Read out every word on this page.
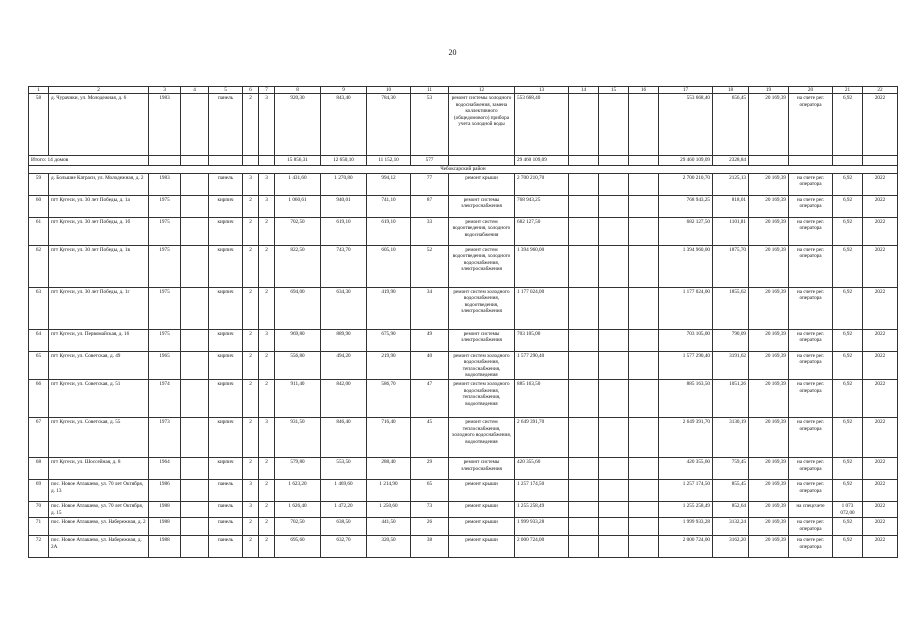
20
1	2	3	4	5	6	7	8	9	10	11	12	13	14	15	16	17	18	19	20	21	22
58	д. Чурачики, ул. Молодежная, д. 6	1983		панель	2	3	920,30	843,40	784,30	53	ремонт системы холодного водоснабжения, замена коллективного (общедомового) прибора учета холодной воды	553 668,40				553 668,40	656,45	20 169,39	на счете рег. оператора	6,92	2022
Итого: 14 домов							15 856,31	12 650,10	11 152,10	577		29 460 109,09				29 460 109,09	2328,84				
Чебоксарский район																					
59	д. Большие Катраси, ул. Молодежная, д. 2	1983		панель	3	3	1 431,60	1 270,80	994,12	77	ремонт крыши	2 700 210,70				2 700 210,70	2125,13	20 169,39	на счете рег. оператора	6,92	2022
60	пгт Кугеси, ул. 30 лет Победы, д. 1а	1975		кирпич	2	3	1 060,61	940,01	741,10	87	ремонт системы электроснабжения	768 943,25				768 943,25	818,01	20 169,39	на счете рег. оператора	6,92	2022
61	пгт Кугеси, ул. 30 лет Победы, д. 1б	1975		кирпич	2	2	702,50	619,10	619,10	33	ремонт систем водоотведения, холодного водоснабжения	682 127,50				682 127,50	1101,81	20 169,39	на счете рег. оператора	6,92	2022
62	пгт Кугеси, ул. 30 лет Победы, д. 1в	1975		кирпич	2	2	822,50	743,70	605,10	52	ремонт систем водоотведения, холодного водоснабжения, электроснабжения	1 394 960,00				1 394 960,00	1875,70	20 169,39	на счете рег. оператора	6,92	2022
63	пгт Кугеси, ул. 30 лет Победы, д. 1г	1975		кирпич	2	2	694,00	634,30	419,90	34	ремонт систем холодного водоснабжения, водоотведения, электроснабжения	1 177 024,00				1 177 024,00	1855,62	20 169,39	на счете рег. оператора	6,92	2022
64	пгт Кугеси, ул. Первомайская, д. 16	1975		кирпич	2	3	969,80	889,90	675,90	49	ремонт системы электроснабжения	703 105,00				703 105,00	790,09	20 169,39	на счете рег. оператора	6,92	2022
65	пгт Кугеси, ул. Советская, д. 49	1965		кирпич	2	2	556,80	494,20	219,90	40	ремонт систем холодного водоснабжения, теплоснабжения, водоотведения	1 577 290,40				1 577 290,40	3191,62	20 169,39	на счете рег. оператора	6,92	2022
66	пгт Кугеси, ул. Советская, д. 51	1974		кирпич	2	2	911,40	842,00	586,70	47	ремонт систем холодного водоснабжения, теплоснабжения, водоотведения	885 163,50				885 163,50	1051,26	20 169,39	на счете рег. оператора	6,92	2022
67	пгт Кугеси, ул. Советская, д. 55	1973		кирпич	2	3	931,50	846,40	716,40	45	ремонт систем теплоснабжения, холодного водоснабжения, водоотведения	2 649 391,70				2 649 391,70	3130,19	20 169,39	на счете рег. оператора	6,92	2022
68	пгт Кугеси, ул. Шоссейная, д. 8	1964		кирпич	2	2	579,80	553,50	288,40	29	ремонт системы электроснабжения	420 355,60				420 355,60	759,45	20 169,39	на счете рег. оператора	6,92	2022
69	пос. Новое Атлашево, ул. 70 лет Октября, д. 13	1986		панель	3	2	1 623,20	1 469,60	1 214,90	65	ремонт крыши	1 257 174,50				1 257 174,50	855,45	20 169,39	на счете рег. оператора	6,92	2022
70	пос. Новое Атлашево, ул. 70 лет Октября, д. 15	1988		панель	3	2	1 626,40	1 472,20	1 250,60	73	ремонт крыши	1 255 258,49				1 255 258,49	852,64	20 169,39	на спецсчете	1 073 072,00	2022
71	пос. Новое Атлашево, ул. Набережная, д. 2	1988		панель	2	2	702,50	638,50	441,50	26	ремонт крыши	1 999 933,28				1 999 933,28	3132,24	20 169,39	на счете рег. оператора	6,92	2022
72	пос. Новое Атлашево, ул. Набережная, д. 2А	1988		панель	2	2	695,60	632,70	320,50	38	ремонт крыши	2 000 724,00				2 000 724,00	3162,20	20 169,39	на счете рег. оператора	6,92	2022
